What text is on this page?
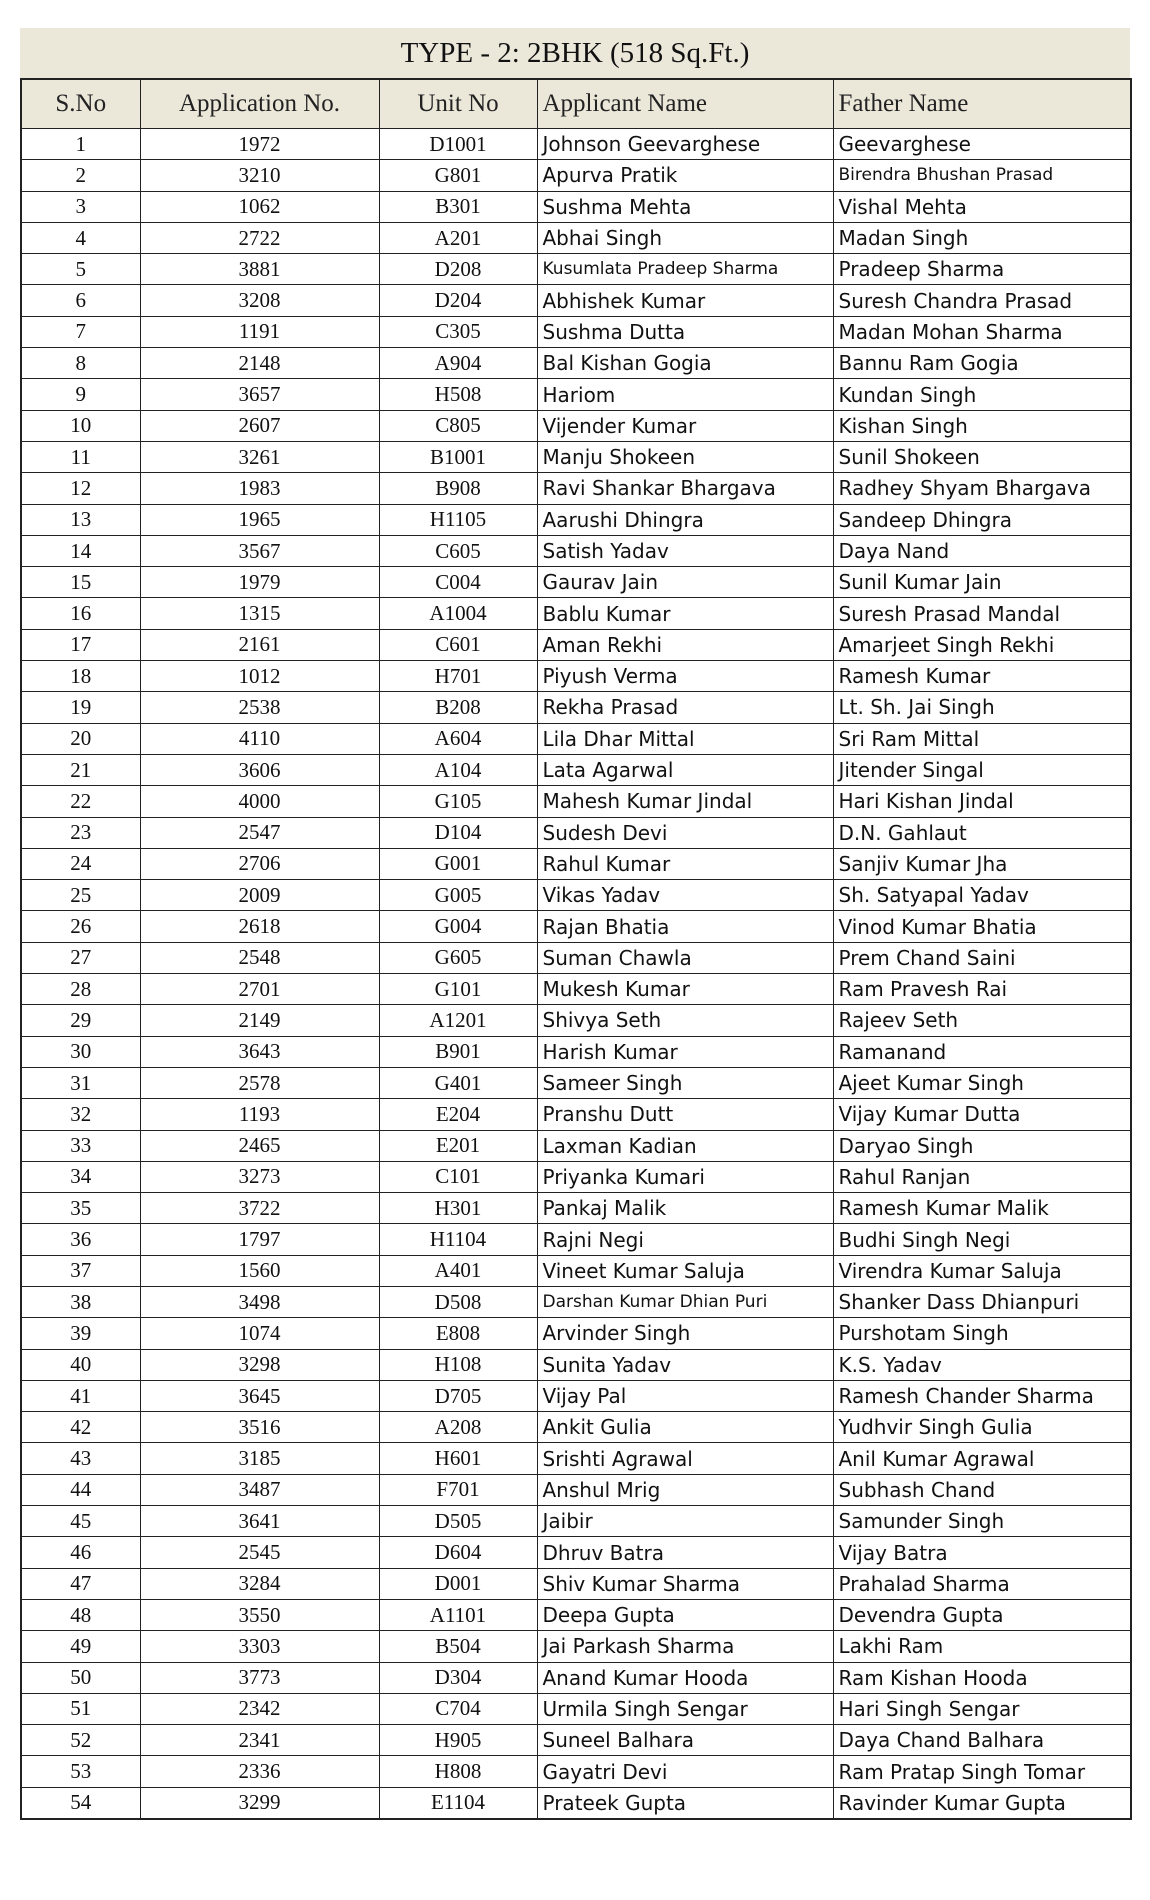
TYPE - 2: 2BHK (518 Sq.Ft.)
S.No	Application No.	Unit No	Applicant Name	Father Name
1	1972	D1001	Johnson Geevarghese	Geevarghese
2	3210	G801	Apurva Pratik	Birendra Bhushan Prasad
3	1062	B301	Sushma Mehta	Vishal Mehta
4	2722	A201	Abhai Singh	Madan Singh
5	3881	D208	Kusumlata Pradeep Sharma	Pradeep Sharma
6	3208	D204	Abhishek Kumar	Suresh Chandra Prasad
7	1191	C305	Sushma Dutta	Madan Mohan Sharma
8	2148	A904	Bal Kishan Gogia	Bannu Ram Gogia
9	3657	H508	Hariom	Kundan Singh
10	2607	C805	Vijender Kumar	Kishan Singh
11	3261	B1001	Manju Shokeen	Sunil Shokeen
12	1983	B908	Ravi Shankar Bhargava	Radhey Shyam Bhargava
13	1965	H1105	Aarushi Dhingra	Sandeep Dhingra
14	3567	C605	Satish Yadav	Daya Nand
15	1979	C004	Gaurav Jain	Sunil Kumar Jain
16	1315	A1004	Bablu Kumar	Suresh Prasad Mandal
17	2161	C601	Aman Rekhi	Amarjeet Singh Rekhi
18	1012	H701	Piyush Verma	Ramesh Kumar
19	2538	B208	Rekha Prasad	Lt. Sh. Jai Singh
20	4110	A604	Lila Dhar Mittal	Sri Ram Mittal
21	3606	A104	Lata Agarwal	Jitender Singal
22	4000	G105	Mahesh Kumar Jindal	Hari Kishan Jindal
23	2547	D104	Sudesh Devi	D.N. Gahlaut
24	2706	G001	Rahul Kumar	Sanjiv Kumar Jha
25	2009	G005	Vikas Yadav	Sh. Satyapal Yadav
26	2618	G004	Rajan Bhatia	Vinod Kumar Bhatia
27	2548	G605	Suman Chawla	Prem Chand Saini
28	2701	G101	Mukesh Kumar	Ram Pravesh Rai
29	2149	A1201	Shivya Seth	Rajeev Seth
30	3643	B901	Harish Kumar	Ramanand
31	2578	G401	Sameer Singh	Ajeet Kumar Singh
32	1193	E204	Pranshu Dutt	Vijay Kumar Dutta
33	2465	E201	Laxman Kadian	Daryao Singh
34	3273	C101	Priyanka Kumari	Rahul Ranjan
35	3722	H301	Pankaj Malik	Ramesh Kumar Malik
36	1797	H1104	Rajni Negi	Budhi Singh Negi
37	1560	A401	Vineet Kumar Saluja	Virendra Kumar Saluja
38	3498	D508	Darshan Kumar Dhian Puri	Shanker Dass Dhianpuri
39	1074	E808	Arvinder Singh	Purshotam Singh
40	3298	H108	Sunita Yadav	K.S. Yadav
41	3645	D705	Vijay Pal	Ramesh Chander Sharma
42	3516	A208	Ankit Gulia	Yudhvir Singh Gulia
43	3185	H601	Srishti Agrawal	Anil Kumar Agrawal
44	3487	F701	Anshul Mrig	Subhash Chand
45	3641	D505	Jaibir	Samunder Singh
46	2545	D604	Dhruv Batra	Vijay Batra
47	3284	D001	Shiv Kumar Sharma	Prahalad Sharma
48	3550	A1101	Deepa Gupta	Devendra Gupta
49	3303	B504	Jai Parkash Sharma	Lakhi Ram
50	3773	D304	Anand Kumar Hooda	Ram Kishan Hooda
51	2342	C704	Urmila Singh Sengar	Hari Singh Sengar
52	2341	H905	Suneel Balhara	Daya Chand Balhara
53	2336	H808	Gayatri Devi	Ram Pratap Singh Tomar
54	3299	E1104	Prateek Gupta	Ravinder Kumar Gupta
